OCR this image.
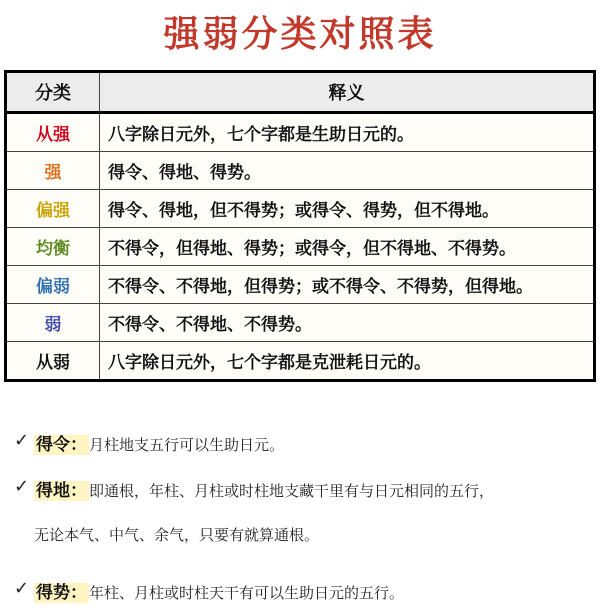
强弱分类对照表
分类	释义
从强	八字除日元外，七个字都是生助日元的。
强	得令、得地、得势。
偏强	得令、得地，但不得势；或得令、得势，但不得地。
均衡	不得令，但得地、得势；或得令，但不得地、不得势。
偏弱	不得令、不得地，但得势；或不得令、不得势，但得地。
弱	不得令、不得地、不得势。
从弱	八字除日元外，七个字都是克泄耗日元的。
✓ 得令： 月柱地支五行可以生助日元。
✓ 得地： 即通根，年柱、月柱或时柱地支藏干里有与日元相同的五行，
无论本气、中气、余气，只要有就算通根。
✓ 得势： 年柱、月柱或时柱天干有可以生助日元的五行。
